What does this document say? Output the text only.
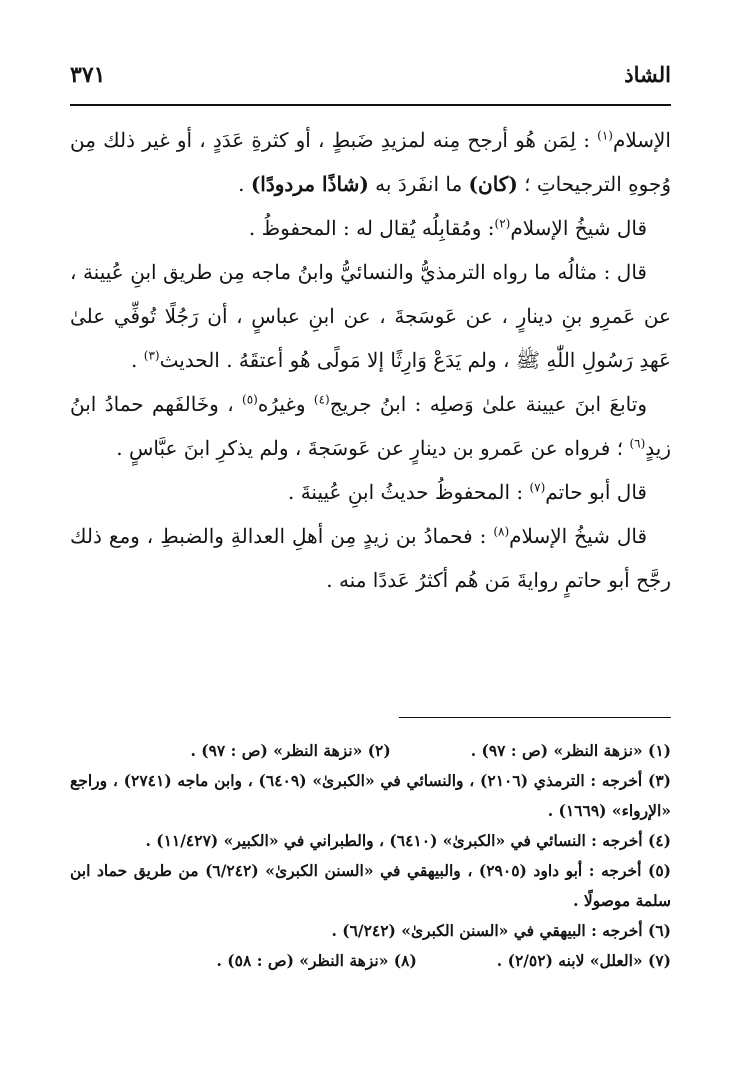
الشاذ
٣٧١

الإسلام$^{(١)}$ : لِمَن هُو أرجح مِنه لمزيدِ ضَبطٍ ، أو كثرةِ عَدَدٍ ، أو غير ذلك مِن وُجوهِ الترجيحاتِ ؛ (كان) ما انفَردَ به (شاذًا مردودًا) .

قال شيخُ الإسلام$^{(٢)}$: ومُقابِلُه يُقال له : المحفوظُ .

قال : مثالُه ما رواه الترمذيُّ والنسائيُّ وابنُ ماجه مِن طريق ابنِ عُيينة ، عن عَمرِو بنِ دينارٍ ، عن عَوسَجةَ ، عن ابنِ عباسٍ ، أن رَجُلًا تُوفِّي علىٰ عَهدِ رَسُولِ اللّٰهِ ﷺ ، ولم يَدَعْ وَارِثًا إلا مَولًى هُو أعتقَهُ . الحديث$^{(٣)}$ .

وتابعَ ابنَ عيينة علىٰ وَصلِه : ابنُ جريج$^{(٤)}$ وغيرُه$^{(٥)}$ ، وخَالفَهم حمادُ ابنُ زيدٍ$^{(٦)}$ ؛ فرواه عن عَمرو بن دينارٍ عن عَوسَجةَ ، ولم يذكرِ ابنَ عبَّاسٍ .

قال أبو حاتم$^{(٧)}$ : المحفوظُ حديثُ ابنِ عُيينةَ .

قال شيخُ الإسلام$^{(٨)}$ : فحمادُ بن زيدٍ مِن أهلِ العدالةِ والضبطِ ، ومع ذلك رجَّح أبو حاتمٍ روايةَ مَن هُم أكثرُ عَددًا منه .

(١) «نزهة النظر» (ص : ٩٧) .

(٢) «نزهة النظر» (ص : ٩٧) .

(٣) أخرجه : الترمذي (٢١٠٦) ، والنسائي في «الكبرىٰ» (٦٤٠٩) ، وابن ماجه (٢٧٤١) ، وراجع «الإرواء» (١٦٦٩) .

(٤) أخرجه : النسائي في «الكبرىٰ» (٦٤١٠) ، والطبراني في «الكبير» (١١/٤٢٧) .

(٥) أخرجه : أبو داود (٢٩٠٥) ، والبيهقي في «السنن الكبرىٰ» (٦/٢٤٢) من طريق حماد ابن سلمة موصولًا .

(٦) أخرجه : البيهقي في «السنن الكبرىٰ» (٦/٢٤٢) .

(٧) «العلل» لابنه (٢/٥٢) .

(٨) «نزهة النظر» (ص : ٥٨) .
